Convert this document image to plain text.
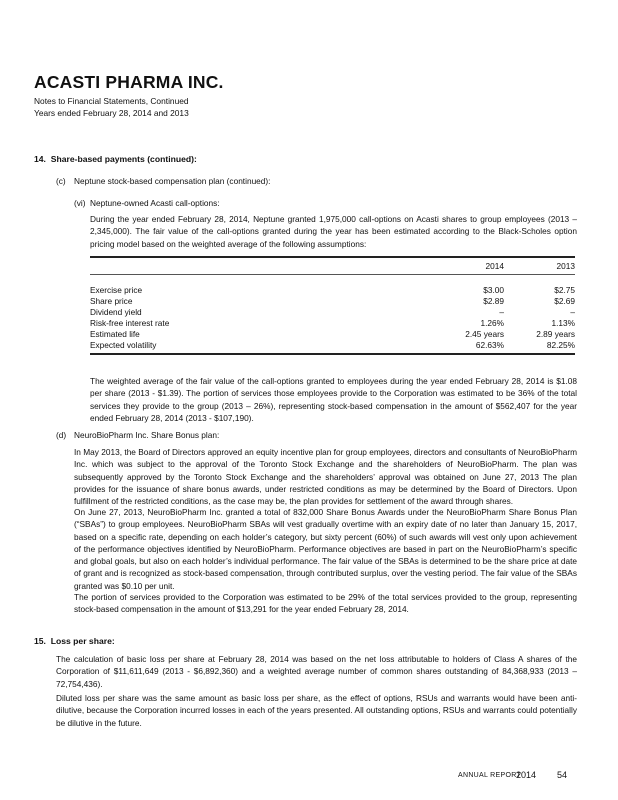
ACASTI PHARMA INC.
Notes to Financial Statements, Continued
Years ended February 28, 2014 and 2013
14.  Share-based payments (continued):
(c) Neptune stock-based compensation plan (continued):
(vi) Neptune-owned Acasti call-options:
During the year ended February 28, 2014, Neptune granted 1,975,000 call-options on Acasti shares to group employees (2013 – 2,345,000). The fair value of the call-options granted during the year has been estimated according to the Black-Scholes option pricing model based on the weighted average of the following assumptions:
2014	2013
Exercise price	$3.00	$2.75
Share price	$2.89	$2.69
Dividend yield	–	–
Risk-free interest rate	1.26%	1.13%
Estimated life	2.45 years	2.89 years
Expected volatility	62.63%	82.25%
The weighted average of the fair value of the call-options granted to employees during the year ended February 28, 2014 is $1.08 per share (2013 - $1.39). The portion of services those employees provide to the Corporation was estimated to be 36% of the total services they provide to the group (2013 – 26%), representing stock-based compensation in the amount of $562,407 for the year ended February 28, 2014 (2013 - $107,190).
(d) NeuroBioPharm Inc. Share Bonus plan:
In May 2013, the Board of Directors approved an equity incentive plan for group employees, directors and consultants of NeuroBioPharm Inc. which was subject to the approval of the Toronto Stock Exchange and the shareholders of NeuroBioPharm. The plan was subsequently approved by the Toronto Stock Exchange and the shareholders’ approval was obtained on June 27, 2013 The plan provides for the issuance of share bonus awards, under restricted conditions as may be determined by the Board of Directors. Upon fulfillment of the restricted conditions, as the case may be, the plan provides for settlement of the award through shares.
On June 27, 2013, NeuroBioPharm Inc. granted a total of 832,000 Share Bonus Awards under the NeuroBioPharm Share Bonus Plan (“SBAs”) to group employees. NeuroBioPharm SBAs will vest gradually overtime with an expiry date of no later than January 15, 2017, based on a specific rate, depending on each holder’s category, but sixty percent (60%) of such awards will vest only upon achievement of the performance objectives identified by NeuroBioPharm. Performance objectives are based in part on the NeuroBioPharm’s specific and global goals, but also on each holder’s individual performance. The fair value of the SBAs is determined to be the share price at date of grant and is recognized as stock-based compensation, through contributed surplus, over the vesting period. The fair value of the SBAs granted was $0.10 per unit.
The portion of services provided to the Corporation was estimated to be 29% of the total services provided to the group, representing stock-based compensation in the amount of $13,291 for the year ended February 28, 2014.
15.  Loss per share:
The calculation of basic loss per share at February 28, 2014 was based on the net loss attributable to holders of Class A shares of the Corporation of $11,611,649 (2013 - $6,892,360) and a weighted average number of common shares outstanding of 84,368,933 (2013 – 72,754,436).
Diluted loss per share was the same amount as basic loss per share, as the effect of options, RSUs and warrants would have been anti-dilutive, because the Corporation incurred losses in each of the years presented. All outstanding options, RSUs and warrants could potentially be dilutive in the future.
ANNUAL REPORT
2014 54
